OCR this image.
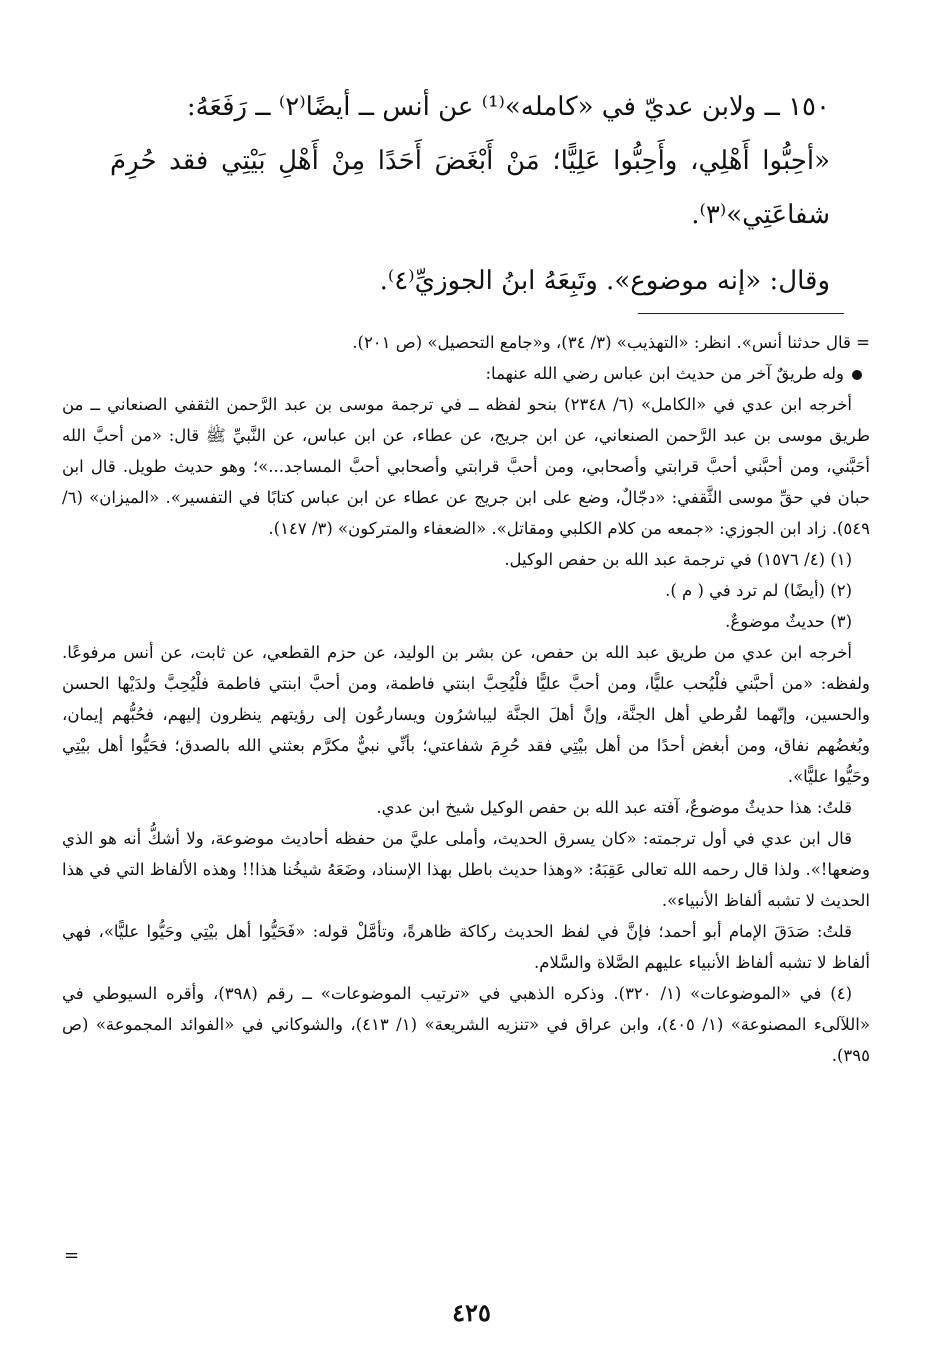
١٥٠ ــ ولابن عديّ في «كامله»⁽¹⁾ عن أنس ــ أيضًا⁽٢⁾ ــ رَفَعَهُ:

«أحِبُّوا أَهْلِي، وأَحِبُّوا عَلِيًّا؛ مَنْ أَبْغَضَ أَحَدًا مِنْ أَهْلِ بَيْتِي فقد حُرِمَ شفاعَتِي»⁽٣⁾.

وقال: «إنه موضوع». وتَبِعَهُ ابنُ الجوزيِّ⁽٤⁾.

= قال حدثنا أنس». انظر: «التهذيب» (٣/ ٣٤)، و«جامع التحصيل» (ص ٢٠١).

وله طريقٌ آخر من حديث ابن عباس رضي الله عنهما:

أخرجه ابن عدي في «الكامل» (٦/ ٢٣٤٨) بنحو لفظه ــ في ترجمة موسى بن عبد الرَّحمن الثقفي الصنعاني ــ من طريق موسى بن عبد الرَّحمن الصنعاني، عن ابن جريج، عن عطاء، عن ابن عباس، عن النَّبيِّ ﷺ قال: «من أحبَّ الله أحَبَّني، ومن أحبَّني أحبَّ قرابتي وأصحابي، ومن أحبَّ قرابتي وأصحابي أحبَّ المساجد...»؛ وهو حديث طويل. قال ابن حبان في حقِّ موسى الثَّقفي: «دجّالٌ، وضع على ابن جريج عن عطاء عن ابن عباس كتابًا في التفسير». «الميزان» (٦/ ٥٤٩). زاد ابن الجوزي: «جمعه من كلام الكلبي ومقاتل». «الضعفاء والمتركون» (٣/ ١٤٧).

(١) (٤/ ١٥٧٦) في ترجمة عبد الله بن حفص الوكيل.

(٢) (أيضًا) لم ترد في ( م ).

(٣) حديثٌ موضوعٌ.

أخرجه ابن عدي من طريق عبد الله بن حفص، عن بشر بن الوليد، عن حزم القطعي، عن ثابت، عن أنس مرفوعًا. ولفظه: «من أحبَّني فلْيُحب عليًّا، ومن أحبَّ عليًّا فلْيُحِبَّ ابنتي فاطمة، ومن أحبَّ ابنتي فاطمة فلْيُحِبَّ ولدَيْها الحسن والحسين، وإنّهما لقُرطي أهل الجنَّة، وإنَّ أهلَ الجنَّة ليباشرُون ويسارعُون إلى رؤيتهم ينظرون إليهم، فحُبُّهم إيمان، وبُغضُهم نفاق، ومن أبغض أحدًا من أهل بيْتِي فقد حُرِمَ شفاعتي؛ بأنِّي نبيٌّ مكرَّم بعثني الله بالصدق؛ فحَيُّوا أهل بيْتِي وحَيُّوا عليًّا».

قلتُ: هذا حديثٌ موضوعٌ، آفته عبد الله بن حفص الوكيل شيخ ابن عدي.

قال ابن عدي في أول ترجمته: «كان يسرق الحديث، وأملى عليَّ من حفظه أحاديث موضوعة، ولا أشكُّ أنه هو الذي وضعها!». ولذا قال رحمه الله تعالى عَقِبَهُ: «وهذا حديث باطل بهذا الإسناد، وضَعَهُ شيخُنا هذا!! وهذه الألفاظ التي في هذا الحديث لا تشبه ألفاظ الأنبياء».

قلتُ: صَدَقَ الإمام أبو أحمد؛ فإنَّ في لفظ الحديث ركاكة ظاهرةً، وتأمَّلْ قوله: «فَحَيُّوا أهل بيْتِي وحَيُّوا عليًّا»، فهي ألفاظ لا تشبه ألفاظ الأنبياء عليهم الصَّلاة والسَّلام.

(٤) في «الموضوعات» (١/ ٣٢٠). وذكره الذهبي في «ترتيب الموضوعات» ــ رقم (٣٩٨)، وأقره السيوطي في «اللآلىء المصنوعة» (١/ ٤٠٥)، وابن عراق في «تنزيه الشريعة» (١/ ٤١٣)، والشوكاني في «الفوائد المجموعة» (ص ٣٩٥).

=
٤٢٥
